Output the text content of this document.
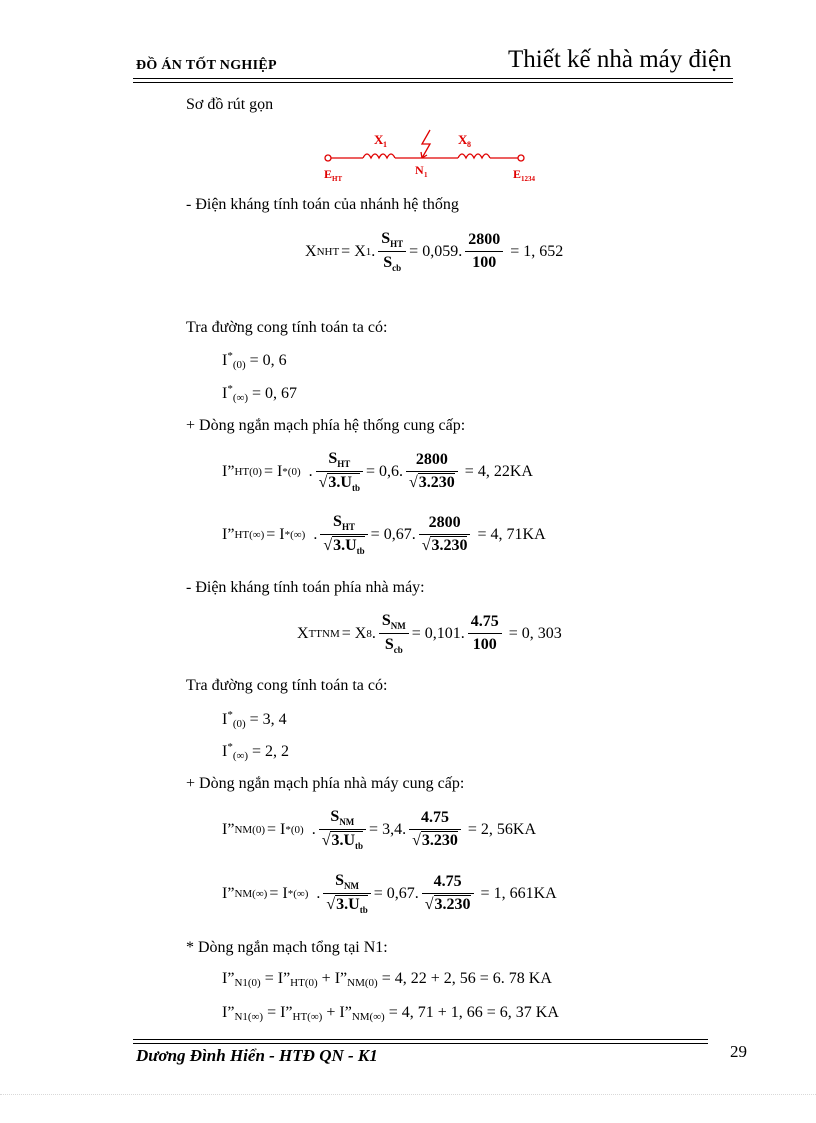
ĐỒ ÁN TỐT NGHIỆP	Thiết kế nhà máy điện
Sơ đồ rút gọn
X 1	X 8
E HT
N 1	E 1234
- Điện kháng tính toán của nhánh hệ thống
X NHT = X 1 . $\frac{S_{HT}}{S_{cb}} = 0,059$. $\frac{2800}{100} = 1$, 652
Tra đường cong tính toán ta có:
$I^*_{(0)} = 0$, 6
$I^*_{(\infty)} = 0$, 67
+ Dòng ngắn mạch phía hệ thống cung cấp:
I” HT(0) = I * (0) . $\frac{S_{HT}}{√3.U_{tb}} = 0,6$. $\frac{2800}{√3.230} = 4$, 22KA
I” HT(∞) = I * (∞) . $\frac{S_{HT}}{√3.U_{tb}} = 0,67$. $\frac{2800}{√3.230} = 4$, 71KA
- Điện kháng tính toán phía nhà máy:
X TTNM = X 8 . $\frac{S_{NM}}{S_{cb}} = 0,101$. $\frac{4.75}{100} = 0$, 303
Tra đường cong tính toán ta có:
$I^*_{(0)} = 3$, 4
$I^*_{(\infty)} = 2$, 2
+ Dòng ngắn mạch phía nhà máy cung cấp:
I” NM(0) = I * (0) . $\frac{S_{NM}}{√3.U_{tb}} = 3,4$. $\frac{4.75}{√3.230} = 2$, 56KA
I” NM(∞) = I * (∞) . $\frac{S_{NM}}{√3.U_{tb}} = 0,67$. $\frac{4.75}{√3.230} = 1$, 661KA
* Dòng ngắn mạch tổng tại N1:
$I”_{N1(0)}$ = $I”_{HT(0)}$ + $I”_{NM(0)} = 4$, 22 + 2, 56 = 6. 78 KA
$I”_{N1(\infty)}$ = $I”_{HT(\infty)}$ + $I”_{NM(\infty)} = 4$, 71 + 1, 66 = 6, 37 KA
Dương Đình Hiển - HTĐ QN - K1	29
